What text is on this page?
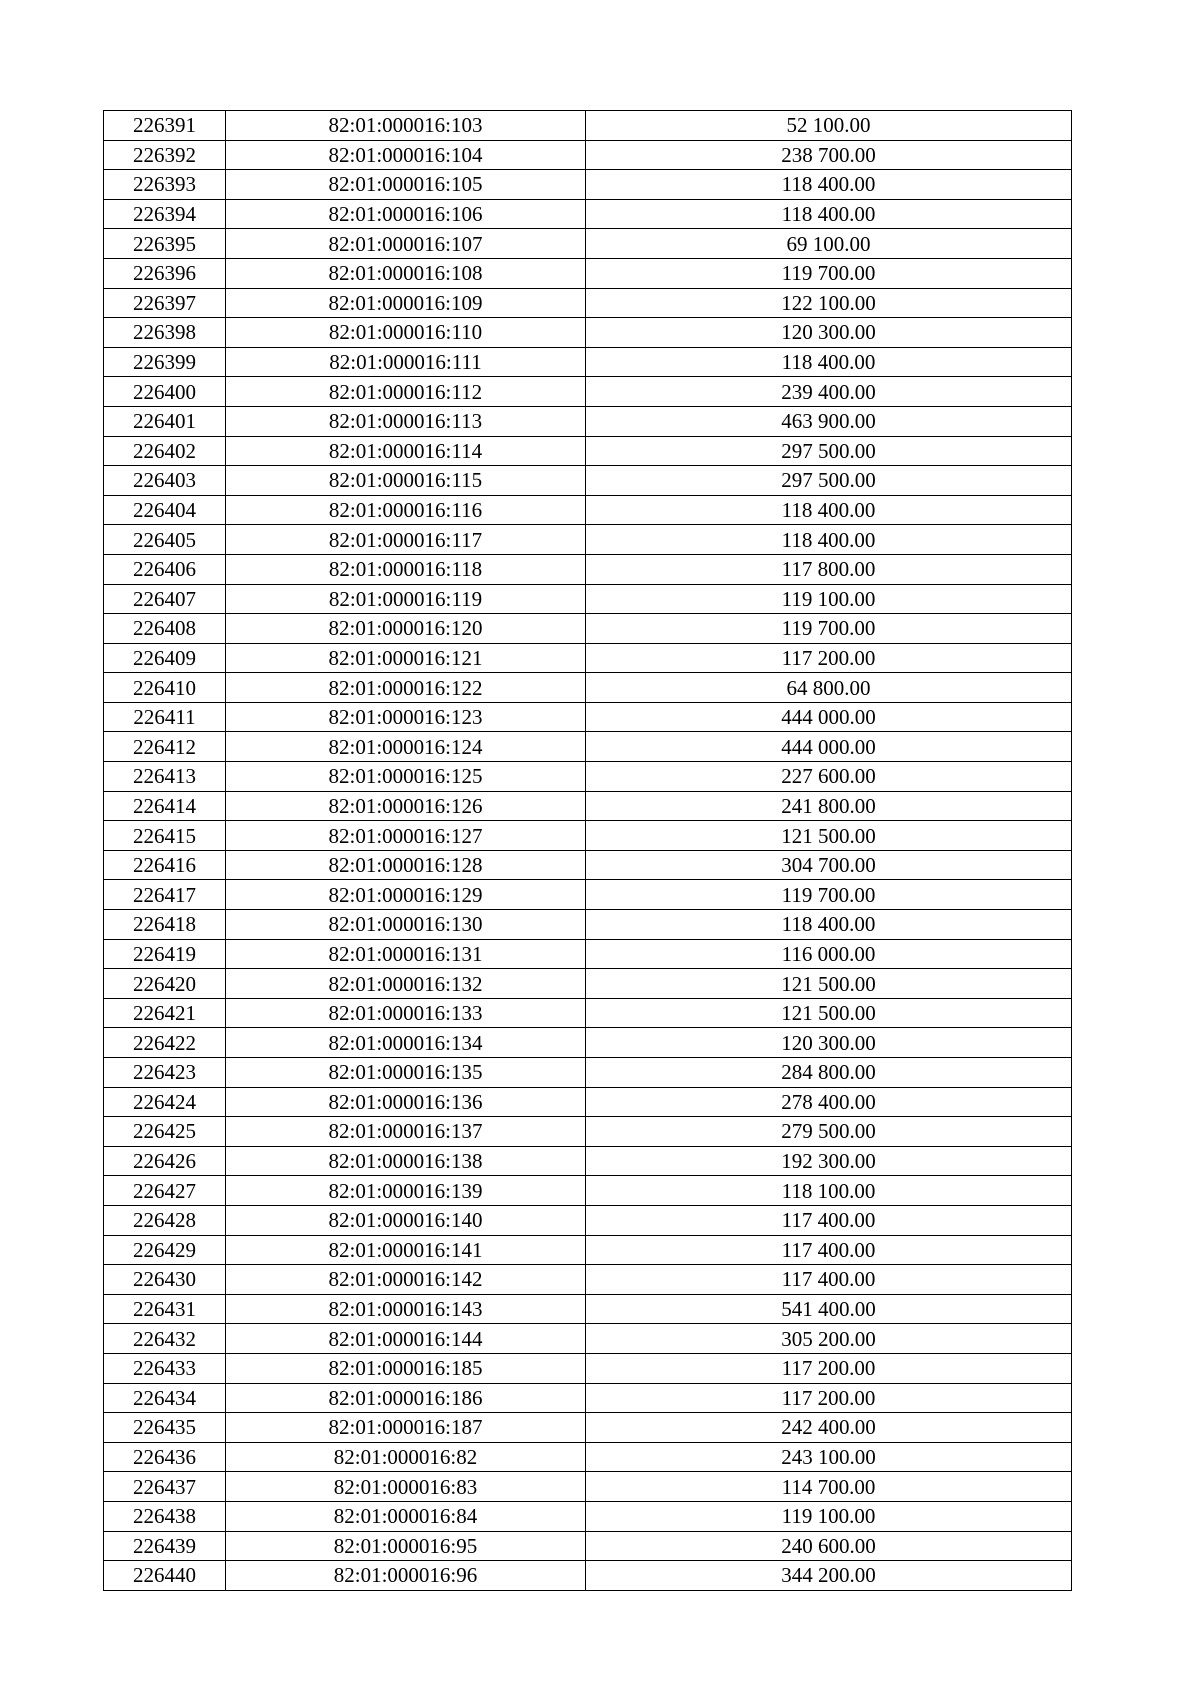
226391	82:01:000016:103	52 100.00
226392	82:01:000016:104	238 700.00
226393	82:01:000016:105	118 400.00
226394	82:01:000016:106	118 400.00
226395	82:01:000016:107	69 100.00
226396	82:01:000016:108	119 700.00
226397	82:01:000016:109	122 100.00
226398	82:01:000016:110	120 300.00
226399	82:01:000016:111	118 400.00
226400	82:01:000016:112	239 400.00
226401	82:01:000016:113	463 900.00
226402	82:01:000016:114	297 500.00
226403	82:01:000016:115	297 500.00
226404	82:01:000016:116	118 400.00
226405	82:01:000016:117	118 400.00
226406	82:01:000016:118	117 800.00
226407	82:01:000016:119	119 100.00
226408	82:01:000016:120	119 700.00
226409	82:01:000016:121	117 200.00
226410	82:01:000016:122	64 800.00
226411	82:01:000016:123	444 000.00
226412	82:01:000016:124	444 000.00
226413	82:01:000016:125	227 600.00
226414	82:01:000016:126	241 800.00
226415	82:01:000016:127	121 500.00
226416	82:01:000016:128	304 700.00
226417	82:01:000016:129	119 700.00
226418	82:01:000016:130	118 400.00
226419	82:01:000016:131	116 000.00
226420	82:01:000016:132	121 500.00
226421	82:01:000016:133	121 500.00
226422	82:01:000016:134	120 300.00
226423	82:01:000016:135	284 800.00
226424	82:01:000016:136	278 400.00
226425	82:01:000016:137	279 500.00
226426	82:01:000016:138	192 300.00
226427	82:01:000016:139	118 100.00
226428	82:01:000016:140	117 400.00
226429	82:01:000016:141	117 400.00
226430	82:01:000016:142	117 400.00
226431	82:01:000016:143	541 400.00
226432	82:01:000016:144	305 200.00
226433	82:01:000016:185	117 200.00
226434	82:01:000016:186	117 200.00
226435	82:01:000016:187	242 400.00
226436	82:01:000016:82	243 100.00
226437	82:01:000016:83	114 700.00
226438	82:01:000016:84	119 100.00
226439	82:01:000016:95	240 600.00
226440	82:01:000016:96	344 200.00
